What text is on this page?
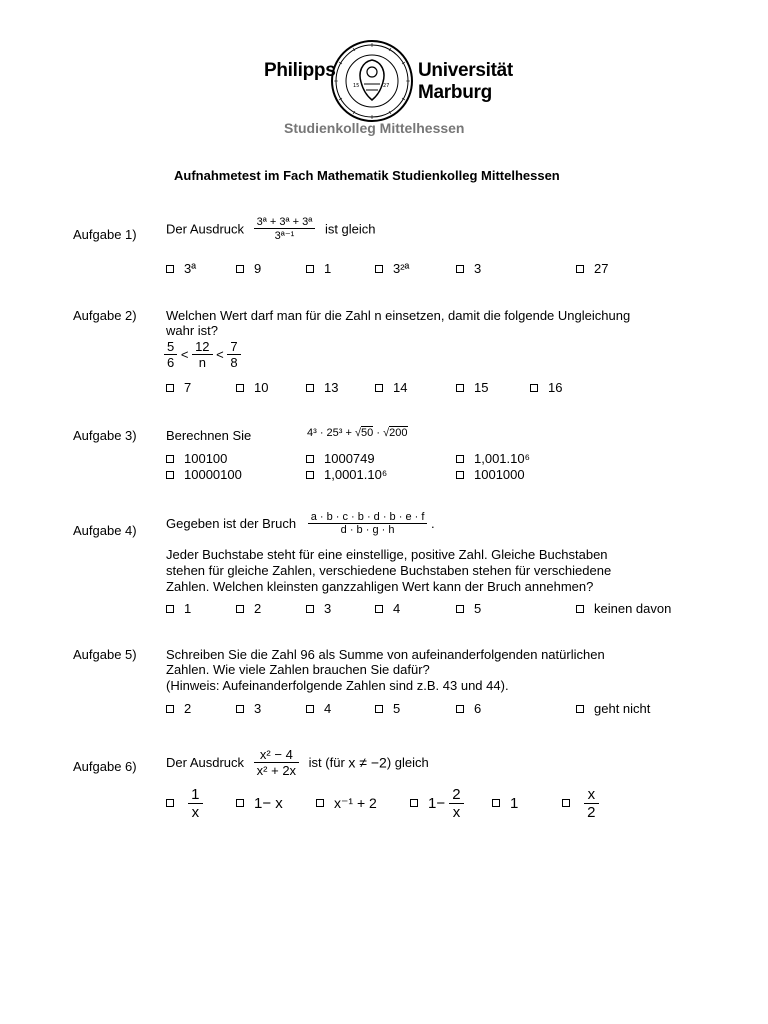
Philipps
15	27
Universität
Marburg
Studienkolleg Mittelhessen
Aufnahmetest im Fach Mathematik Studienkolleg Mittelhessen
Aufgabe 1) Der Ausdruck $\frac{\text{3ª + 3ª + 3ª}}{\text{3ª⁻¹}}$ ist gleich
3ª	9	1	3²ª	3	27
Aufgabe 2) Welchen Wert darf man für die Zahl n einsetzen, damit die folgende Ungleichung
wahr ist?
$\frac{5}{6} < \frac{12}{n} < \frac{7}{8}$
7	10	13	14	15	16
Aufgabe 3) Berechnen Sie	4³ · 25³ + √50 · √200
100100	1000749	1,001.10⁶
10000100	1,0001.10⁶	1001000
Aufgabe 4) Gegeben ist der Bruch $\frac{a \cdot b \cdot c \cdot b \cdot d \cdot b \cdot e \cdot f}{d \cdot b \cdot g \cdot h}$ .
Jeder Buchstabe steht für eine einstellige, positive Zahl. Gleiche Buchstaben
stehen für gleiche Zahlen, verschiedene Buchstaben stehen für verschiedene
Zahlen. Welchen kleinsten ganzzahligen Wert kann der Bruch annehmen?
1	2	3	4	5	keinen davon
Aufgabe 5) Schreiben Sie die Zahl 96 als Summe von aufeinanderfolgenden natürlichen
Zahlen. Wie viele Zahlen brauchen Sie dafür?
(Hinweis: Aufeinanderfolgende Zahlen sind z.B. 43 und 44).
2	3	4	5	6	geht nicht
Aufgabe 6) Der Ausdruck $\frac{\text{x² − 4}}{\text{x² + 2x}}$ ist (für x ≠ −2) gleich

$\frac{1}{x}$	1− x	x⁻¹ + 2	$1- \frac{2}{x}$	1
	$\frac{x}{2}$
